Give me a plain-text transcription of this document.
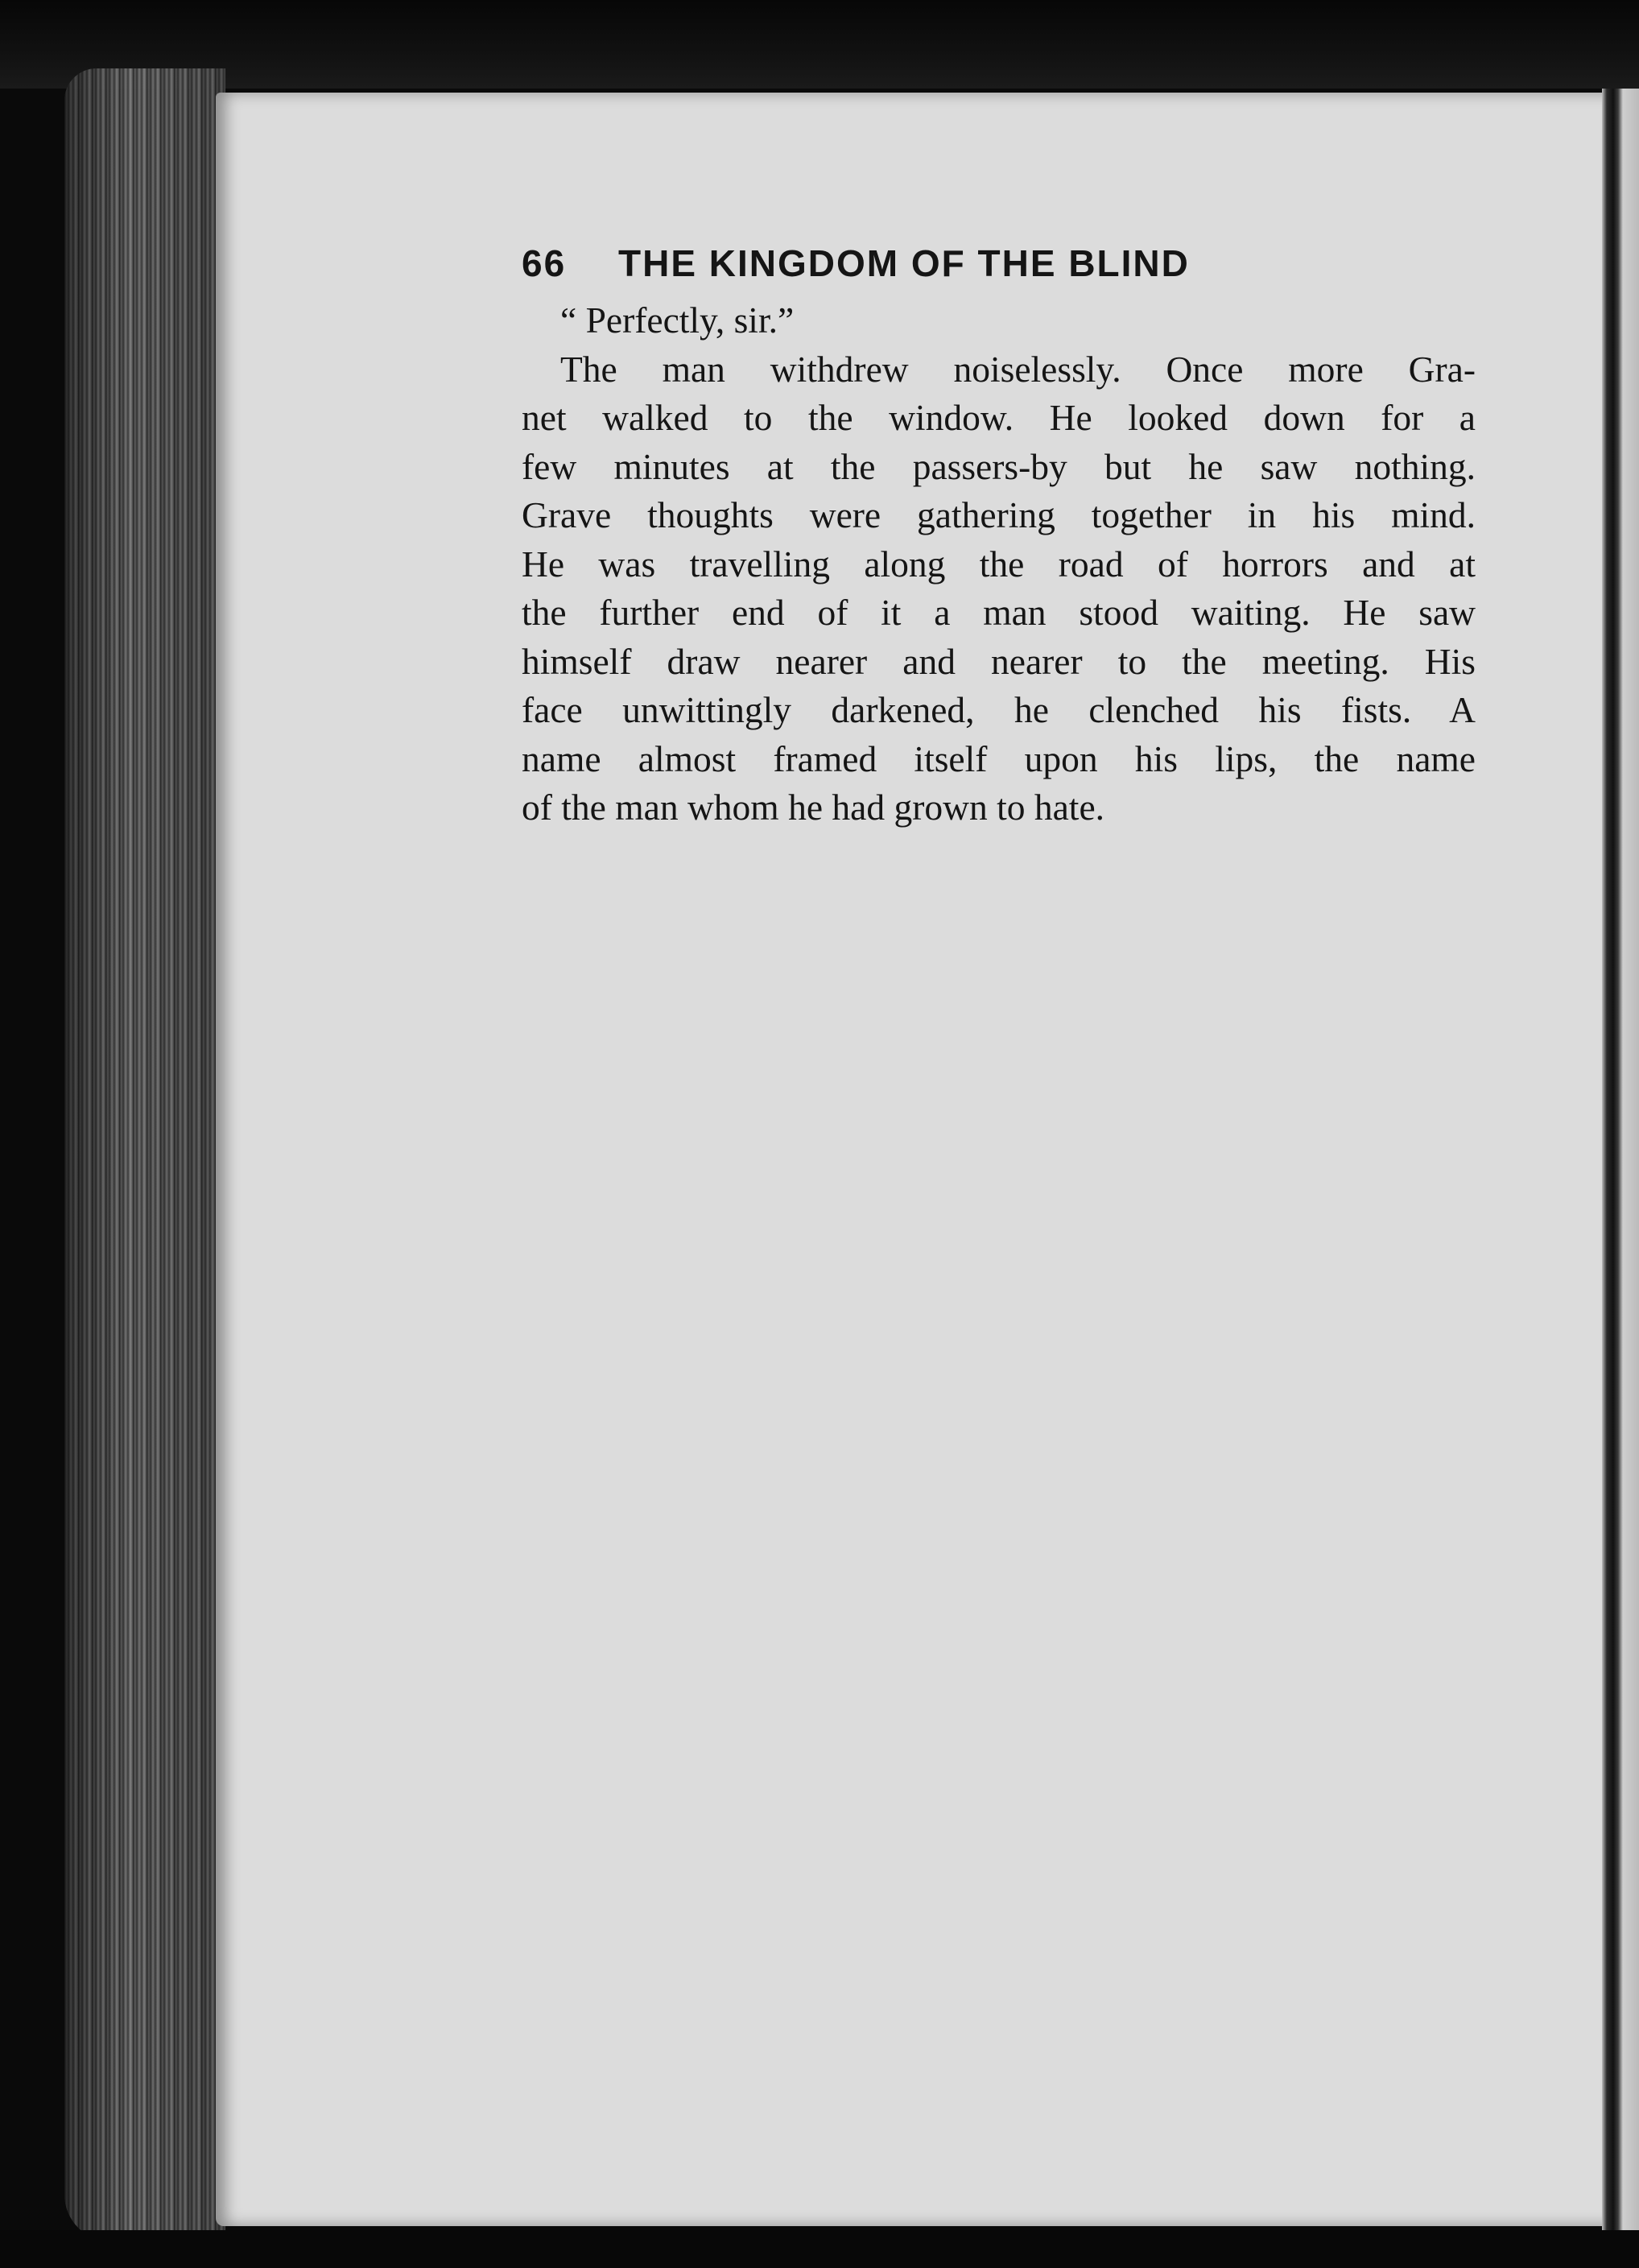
66	THE KINGDOM OF THE BLIND
“ Perfectly, sir.”
The man withdrew noiselessly. Once more Gra-
net walked to the window. He looked down for a
few minutes at the passers-by but he saw nothing.
Grave thoughts were gathering together in his mind.
He was travelling along the road of horrors and at
the further end of it a man stood waiting. He saw
himself draw nearer and nearer to the meeting. His
face unwittingly darkened, he clenched his fists. A
name almost framed itself upon his lips, the name
of the man whom he had grown to hate.
